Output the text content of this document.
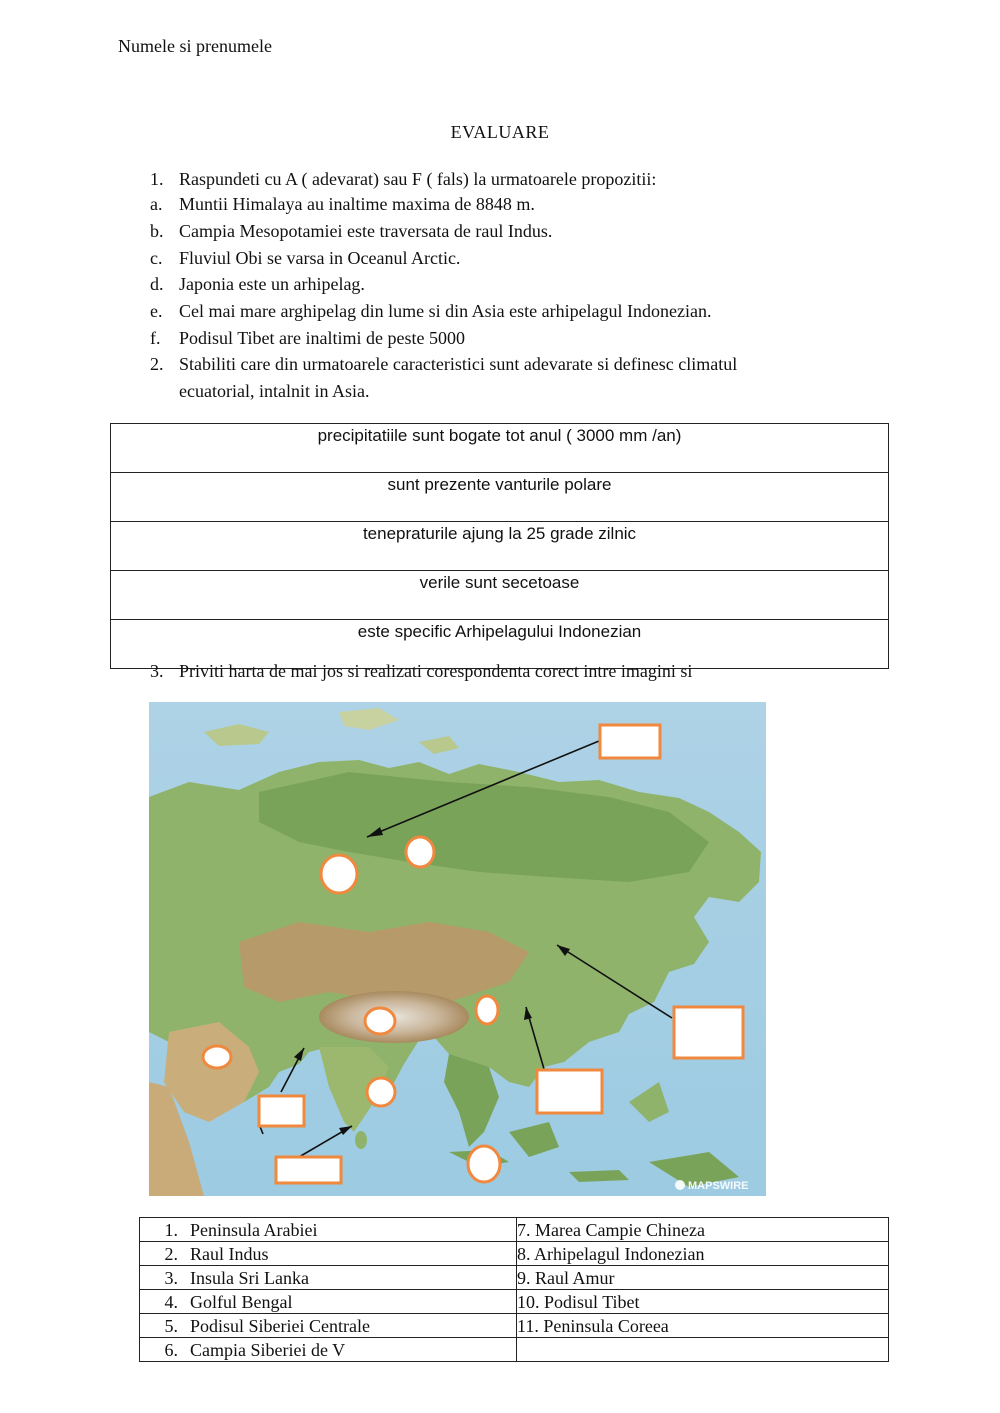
Numele si prenumele
EVALUARE
1. Raspundeti cu A ( adevarat) sau F ( fals) la urmatoarele propozitii:
a. Muntii Himalaya au inaltime maxima de 8848 m.
b. Campia Mesopotamiei este traversata de raul Indus.
c. Fluviul Obi se varsa in Oceanul Arctic.
d. Japonia este un arhipelag.
e. Cel mai mare arghipelag din lume si din Asia este arhipelagul Indonezian.
f. Podisul Tibet are inaltimi de peste 5000
2. Stabiliti care din urmatoarele caracteristici sunt adevarate si definesc climatul
ecuatorial, intalnit in Asia.
precipitatiile sunt bogate tot anul ( 3000 mm /an)
sunt prezente vanturile polare
tenepraturile ajung la 25 grade zilnic
verile sunt secetoase
este specific Arhipelagului Indonezian
3. Priviti harta de mai jos si realizati corespondenta corect intre imagini si
MAPSWIRE
1. Peninsula Arabiei	7. Marea Campie Chineza
2. Raul Indus	8. Arhipelagul Indonezian
3. Insula Sri Lanka	9. Raul Amur
4. Golful Bengal	10. Podisul Tibet
5. Podisul Siberiei Centrale	11. Peninsula Coreea
6. Campia Siberiei de V	
